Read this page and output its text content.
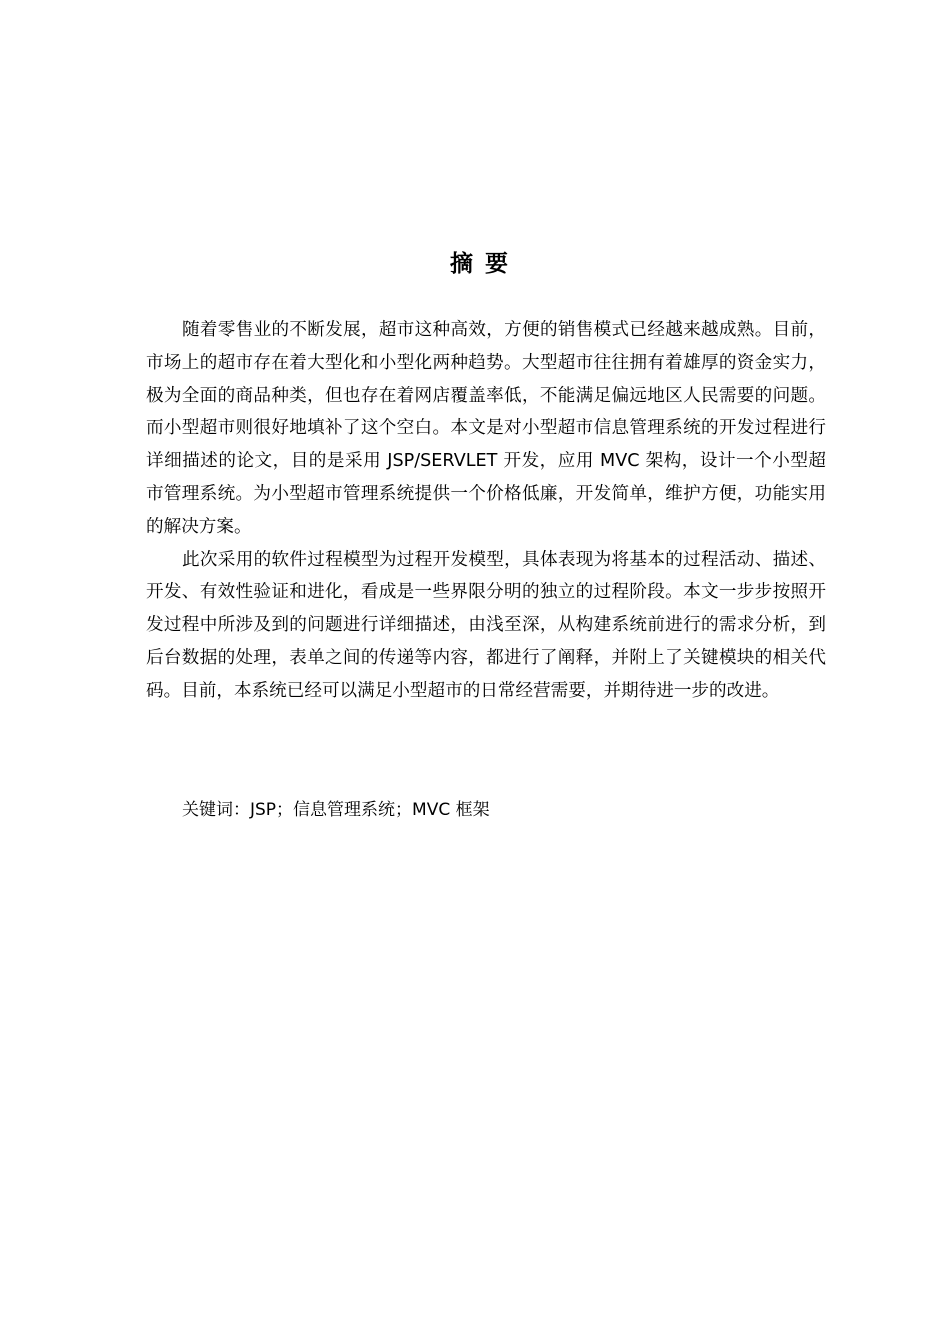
摘要

随着零售业的不断发展，超市这种高效，方便的销售模式已经越来越成熟。目前，市场上的超市存在着大型化和小型化两种趋势。大型超市往往拥有着雄厚的资金实力，极为全面的商品种类，但也存在着网店覆盖率低，不能满足偏远地区人民需要的问题。而小型超市则很好地填补了这个空白。本文是对小型超市信息管理系统的开发过程进行详细描述的论文，目的是采用 JSP/SERVLET 开发，应用 MVC 架构，设计一个小型超市管理系统。为小型超市管理系统提供一个价格低廉，开发简单，维护方便，功能实用的解决方案。

此次采用的软件过程模型为过程开发模型，具体表现为将基本的过程活动、描述、开发、有效性验证和进化，看成是一些界限分明的独立的过程阶段。本文一步步按照开发过程中所涉及到的问题进行详细描述，由浅至深，从构建系统前进行的需求分析，到后台数据的处理，表单之间的传递等内容，都进行了阐释，并附上了关键模块的相关代码。目前，本系统已经可以满足小型超市的日常经营需要，并期待进一步的改进。

关键词：JSP；信息管理系统；MVC 框架
